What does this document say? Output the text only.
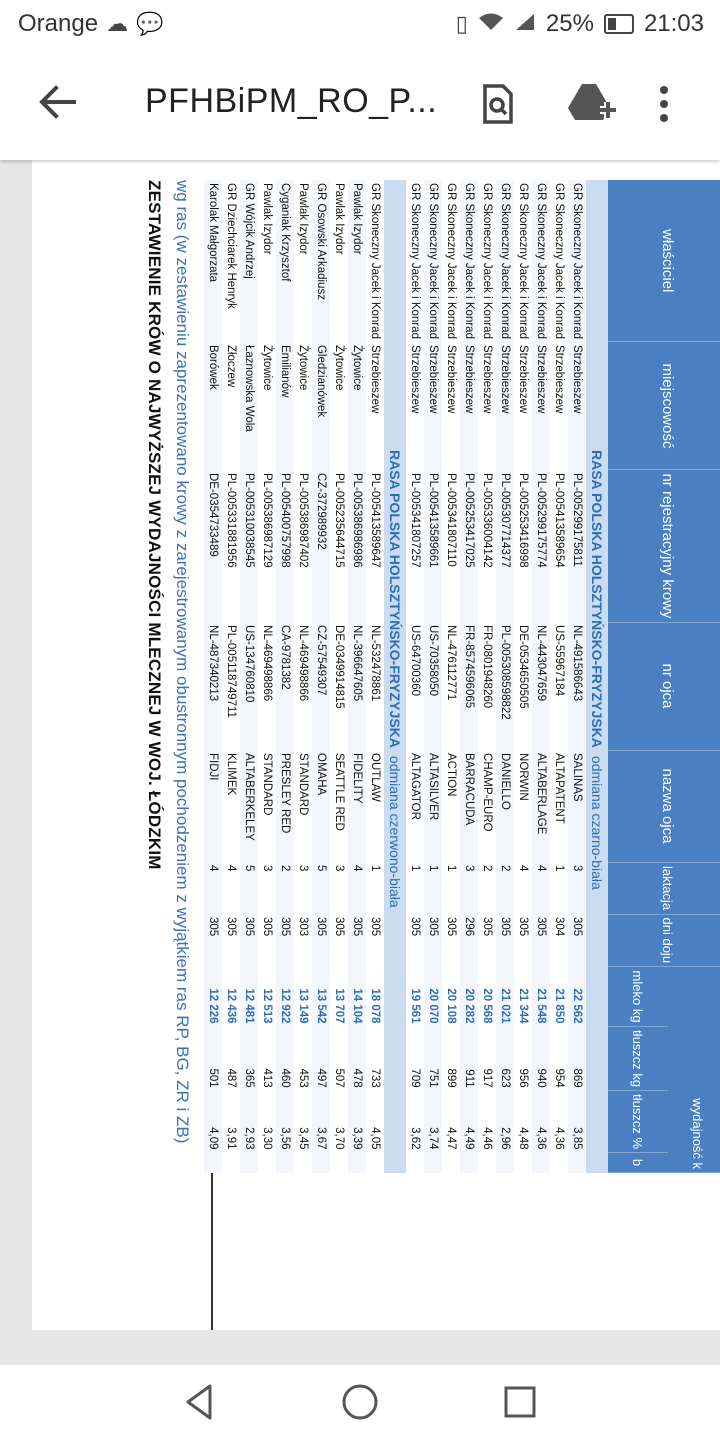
Orange ☁ 💬	▯	25% 21:03
PFHBiPM_RO_P...
ZESTAWIENIE KRÓW O NAJWYŻSZEJ WYDAJNOŚCI MLECZNEJ W WOJ. ŁÓDZKIM wg ras (w zestawieniu zaprezentowano krowy z zarejestrowanym obustronnym pochodzeniem z wyjątkiem ras RP, BG, ZR i ZB)	właściciel	miejscowość	nr rejestracyjny krowy	nr ojca	nazwa ojca	laktacja	dni doju	wydajność k			
							mleko kg	tłuszcz kg	tłuszcz %	b
RASA POLSKA HOLSZTYŃSKO-FRYZYJSKAodmiana czarno-biała										
GR Skoneczny Jacek i Konrad	Strzebieszew	PL-005299175811	NL-491586643	SALINAS	3	305	22 562	869	3,85	
GR Skoneczny Jacek i Konrad	Strzebieszew	PL-005413589654	US-55967184	ALTAPATENT	1	304	21 850	954	4,36	
GR Skoneczny Jacek i Konrad	Strzebieszew	PL-005299175774	NL-443047659	ALTABERLAGE	4	305	21 548	940	4,36	
GR Skoneczny Jacek i Konrad	Strzebieszew	PL-005253416998	DE-0534650505	NORWIN	4	305	21 344	956	4,48	
GR Skoneczny Jacek i Konrad	Strzebieszew	PL-005307714377	PL-005308598822	DANIELLO	2	305	21 021	623	2,96	
GR Skoneczny Jacek i Konrad	Strzebieszew	PL-005336004142	FR-0801948260	CHAMP-EURO	2	305	20 568	917	4,46	
GR Skoneczny Jacek i Konrad	Strzebieszew	PL-005253417025	FR-8574596065	BARRACUDA	3	296	20 282	911	4,49	
GR Skoneczny Jacek i Konrad	Strzebieszew	PL-005341807110	NL-476112771	ACTION	1	305	20 108	899	4,47	
GR Skoneczny Jacek i Konrad	Strzebieszew	PL-005413589661	US-70358050	ALTASILVER	1	305	20 070	751	3,74	
GR Skoneczny Jacek i Konrad	Strzebieszew	PL-005341807257	US-64700360	ALTAGATOR	1	305	19 561	709	3,62	
RASA POLSKA HOLSZTYŃSKO-FRYZYJSKAodmiana czerwono-biała										
GR Skoneczny Jacek i Konrad	Strzebieszew	PL-005413589647	NL-532478861	OUTLAW	1	305	18 078	733	4,05	
Pawlak Izydor	Żytowice	PL-005386986986	NL-396647605	FIDELITY	4	305	14 104	478	3,39	
Pawlak Izydor	Żytowice	PL-005235644715	DE-0349914815	SEATTLE RED	3	305	13 707	507	3,70	
GR Osowski Arkadiusz	Gledzianówek	CZ-372989932	CZ-57549307	OMAHA	5	305	13 542	497	3,67	
Pawlak Izydor	Żytowice	PL-005386987402	NL-469498866	STANDARD	3	303	13 149	453	3,45	
Cyganiak Krzysztof	Emilianów	PL-005400757998	CA-9781382	PRESLEY RED	2	305	12 922	460	3,56	
Pawlak Izydor	Żytowice	PL-005386987129	NL-469498866	STANDARD	3	305	12 513	413	3,30	
GR Wójcik Andrzej	Łaznowska Wola	PL-005310038545	US-134760810	ALTABERKELEY	5	305	12 481	365	2,93	
GR Dziechciarek Henryk	Złoczew	PL-005331881956	PL-005118749711	KLIMEK	4	305	12 436	487	3,91	
Karolak Małgorzata	Borówek	DE-0354733489	NL-487340213	FIDJI	4	305	12 226	501	4,09	
